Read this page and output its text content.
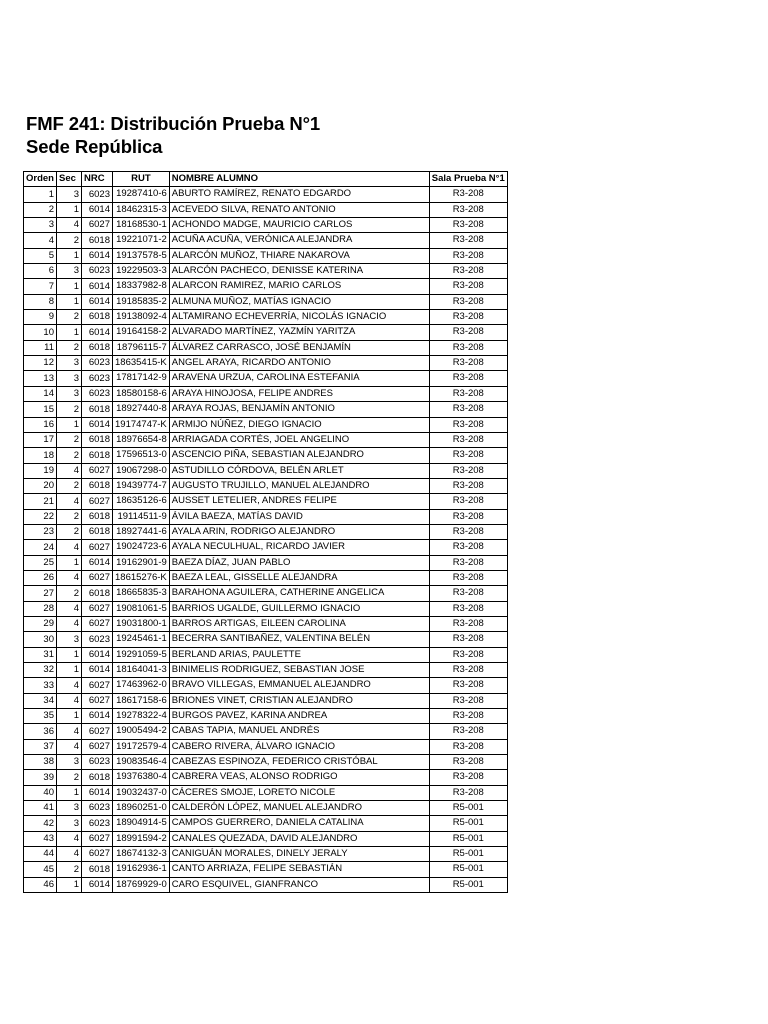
FMF 241: Distribución Prueba N°1
Sede República
Orden	Sec	NRC	RUT	NOMBRE ALUMNO	Sala Prueba N°1
1	3	6023	19287410-6	ABURTO RAMÍREZ, RENATO EDGARDO	R3-208
2	1	6014	18462315-3	ACEVEDO SILVA, RENATO ANTONIO	R3-208
3	4	6027	18168530-1	ACHONDO MADGE, MAURICIO CARLOS	R3-208
4	2	6018	19221071-2	ACUÑA ACUÑA, VERÓNICA ALEJANDRA	R3-208
5	1	6014	19137578-5	ALARCÓN MUÑOZ, THIARE NAKAROVA	R3-208
6	3	6023	19229503-3	ALARCÓN PACHECO, DENISSE KATERINA	R3-208
7	1	6014	18337982-8	ALARCON RAMIREZ, MARIO CARLOS	R3-208
8	1	6014	19185835-2	ALMUNA MUÑOZ, MATÍAS IGNACIO	R3-208
9	2	6018	19138092-4	ALTAMIRANO ECHEVERRÍA, NICOLÁS IGNACIO	R3-208
10	1	6014	19164158-2	ALVARADO MARTÍNEZ, YAZMÍN YARITZA	R3-208
11	2	6018	18796115-7	ÁLVAREZ CARRASCO, JOSÉ BENJAMÍN	R3-208
12	3	6023	18635415-K	ANGEL ARAYA, RICARDO ANTONIO	R3-208
13	3	6023	17817142-9	ARAVENA URZUA, CAROLINA ESTEFANIA	R3-208
14	3	6023	18580158-6	ARAYA HINOJOSA, FELIPE ANDRES	R3-208
15	2	6018	18927440-8	ARAYA ROJAS, BENJAMÍN ANTONIO	R3-208
16	1	6014	19174747-K	ARMIJO NÚÑEZ, DIEGO IGNACIO	R3-208
17	2	6018	18976654-8	ARRIAGADA CORTÉS, JOEL ANGELINO	R3-208
18	2	6018	17596513-0	ASCENCIO PIÑA, SEBASTIAN ALEJANDRO	R3-208
19	4	6027	19067298-0	ASTUDILLO CÓRDOVA, BELÉN ARLET	R3-208
20	2	6018	19439774-7	AUGUSTO TRUJILLO, MANUEL ALEJANDRO	R3-208
21	4	6027	18635126-6	AUSSET LETELIER, ANDRES FELIPE	R3-208
22	2	6018	19114511-9	ÁVILA BAEZA, MATÍAS DAVID	R3-208
23	2	6018	18927441-6	AYALA ARIN, RODRIGO ALEJANDRO	R3-208
24	4	6027	19024723-6	AYALA NECULHUAL, RICARDO JAVIER	R3-208
25	1	6014	19162901-9	BAEZA DÍAZ, JUAN PABLO	R3-208
26	4	6027	18615276-K	BAEZA LEAL, GISSELLE ALEJANDRA	R3-208
27	2	6018	18665835-3	BARAHONA AGUILERA, CATHERINE ANGELICA	R3-208
28	4	6027	19081061-5	BARRIOS UGALDE, GUILLERMO IGNACIO	R3-208
29	4	6027	19031800-1	BARROS ARTIGAS, EILEEN CAROLINA	R3-208
30	3	6023	19245461-1	BECERRA SANTIBAÑEZ, VALENTINA BELÉN	R3-208
31	1	6014	19291059-5	BERLAND ARIAS, PAULETTE	R3-208
32	1	6014	18164041-3	BINIMELIS RODRIGUEZ, SEBASTIAN JOSE	R3-208
33	4	6027	17463962-0	BRAVO VILLEGAS, EMMANUEL ALEJANDRO	R3-208
34	4	6027	18617158-6	BRIONES VINET, CRISTIAN ALEJANDRO	R3-208
35	1	6014	19278322-4	BURGOS PAVEZ, KARINA ANDREA	R3-208
36	4	6027	19005494-2	CABAS TAPIA, MANUEL ANDRÉS	R3-208
37	4	6027	19172579-4	CABERO RIVERA, ÁLVARO IGNACIO	R3-208
38	3	6023	19083546-4	CABEZAS ESPINOZA, FEDERICO CRISTÓBAL	R3-208
39	2	6018	19376380-4	CABRERA VEAS, ALONSO RODRIGO	R3-208
40	1	6014	19032437-0	CÁCERES SMOJE, LORETO NICOLE	R3-208
41	3	6023	18960251-0	CALDERÓN LÓPEZ, MANUEL ALEJANDRO	R5-001
42	3	6023	18904914-5	CAMPOS GUERRERO, DANIELA CATALINA	R5-001
43	4	6027	18991594-2	CANALES QUEZADA, DAVID ALEJANDRO	R5-001
44	4	6027	18674132-3	CANIGUÁN MORALES, DINELY JERALY	R5-001
45	2	6018	19162936-1	CANTO ARRIAZA, FELIPE SEBASTIÁN	R5-001
46	1	6014	18769929-0	CARO ESQUIVEL, GIANFRANCO	R5-001
